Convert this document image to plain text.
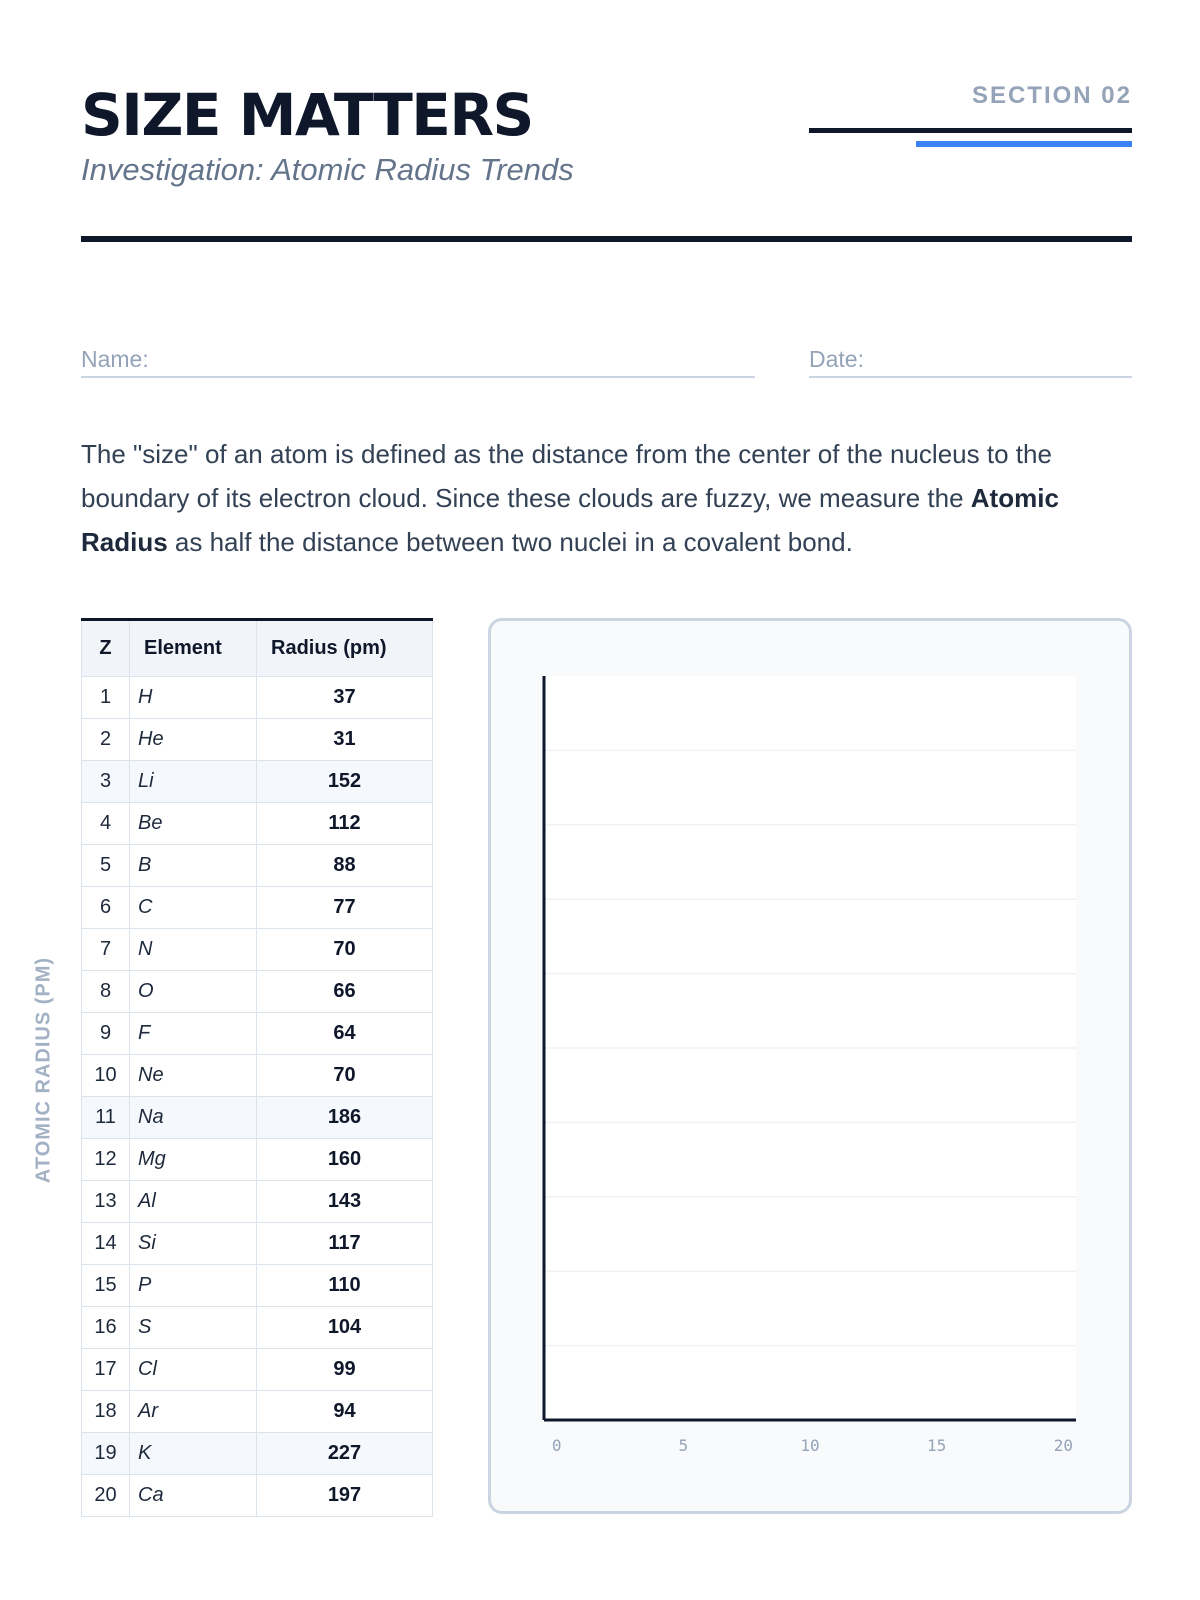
SIZE MATTERS

Investigation: Atomic Radius Trends

SECTION 02
Name:	Date:

The "size" of an atom is defined as the distance from the center of the nucleus to the boundary of its electron cloud. Since these clouds are fuzzy, we measure the Atomic Radius as half the distance between two nuclei in a covalent bond.

Z	Element	Radius (pm)
1	H	37
2	He	31
3	Li	152
4	Be	112
5	B	88
6	C	77
7	N	70
8	O	66
9	F	64
10	Ne	70
11	Na	186
12	Mg	160
13	Al	143
14	Si	117
15	P	110
16	S	104
17	Cl	99
18	Ar	94
19	K	227
20	Ca	197
ATOMIC RADIUS (PM)
0	5	10	15	20
